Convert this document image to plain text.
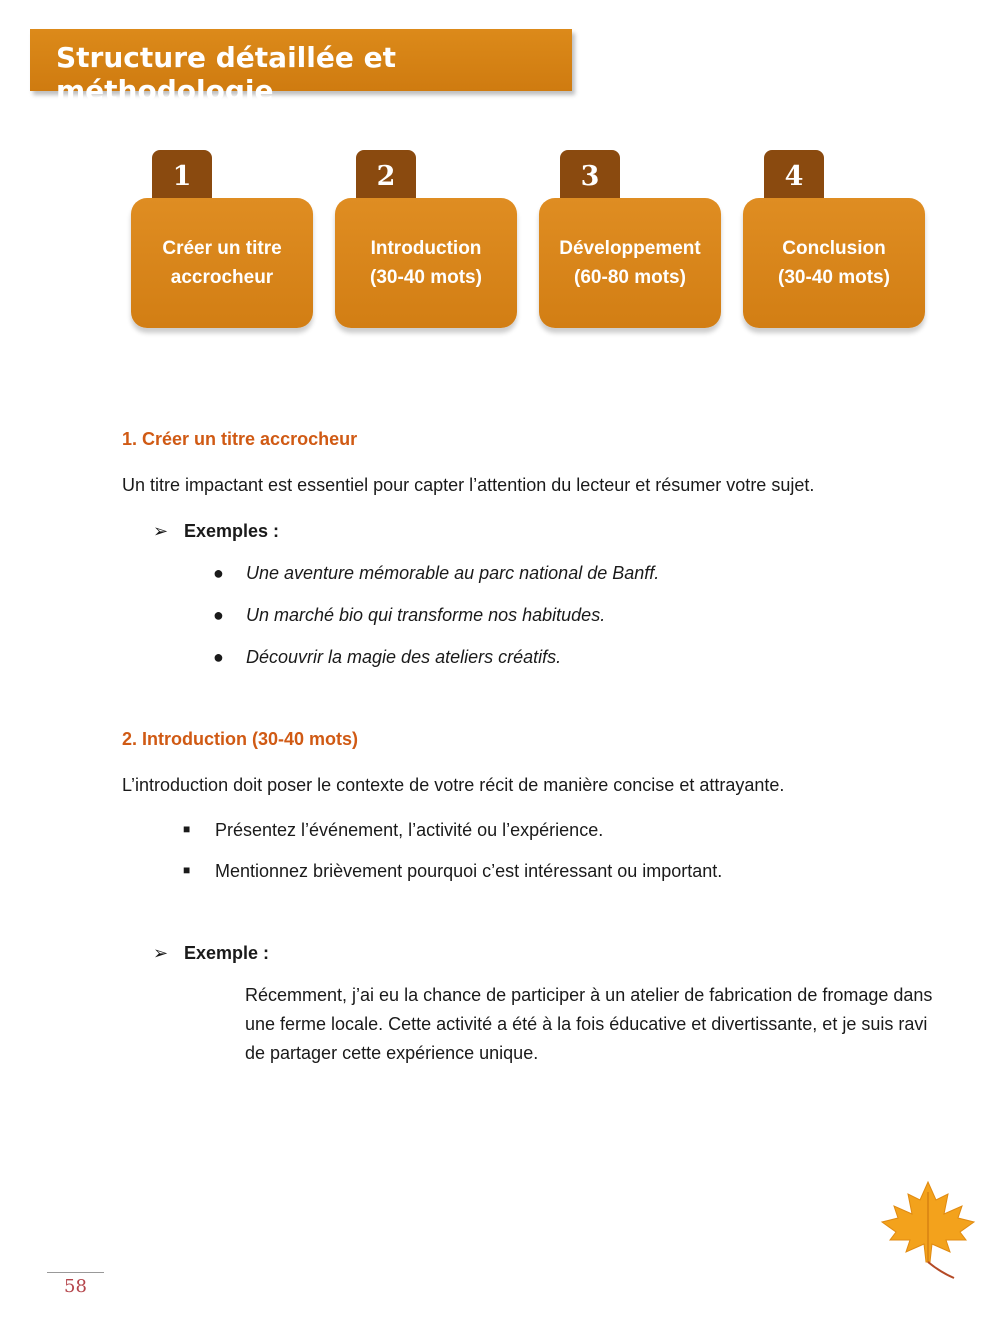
Structure détaillée et méthodologie
1
Créer un titre
accrocheur
2
Introduction
(30-40 mots)
3
Développement
(60-80 mots)
4
Conclusion
(30-40 mots)
1. Créer un titre accrocheur
Un titre impactant est essentiel pour capter l’attention du lecteur et résumer votre sujet.
➢ Exemples :
● Une aventure mémorable au parc national de Banff.
● Un marché bio qui transforme nos habitudes.
● Découvrir la magie des ateliers créatifs.
2. Introduction (30-40 mots)
L’introduction doit poser le contexte de votre récit de manière concise et attrayante.
■ Présentez l’événement, l’activité ou l’expérience.
■ Mentionnez brièvement pourquoi c’est intéressant ou important.
➢ Exemple :
Récemment, j’ai eu la chance de participer à un atelier de fabrication de fromage dans une ferme locale. Cette activité a été à la fois éducative et divertissante, et je suis ravi de partager cette expérience unique.
58
